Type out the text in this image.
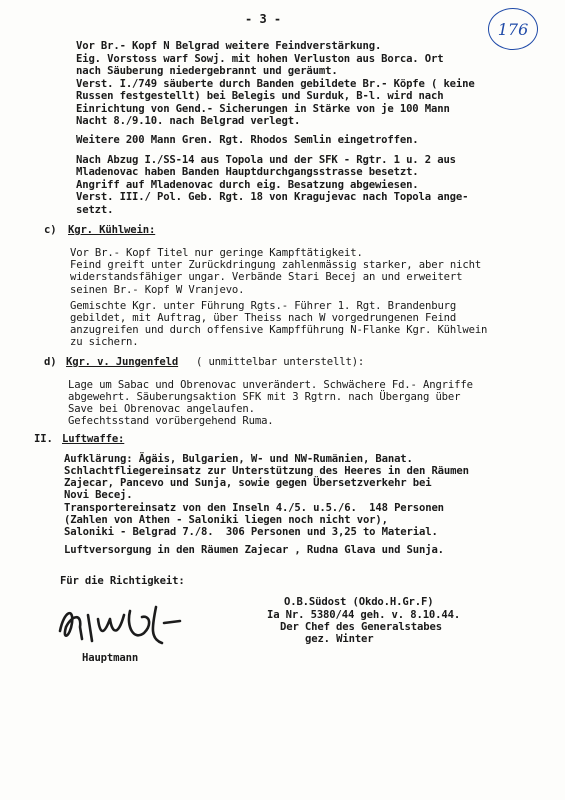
- 3 -
176
Vor Br.- Kopf N Belgrad weitere Feindverstärkung.
Eig. Vorstoss warf Sowj. mit hohen Verluston aus Borca. Ort
nach Säuberung niedergebrannt und geräumt.
Verst. I./749 säuberte durch Banden gebildete Br.- Köpfe ( keine
Russen festgestellt) bei Belegis und Surduk, B-l. wird nach
Einrichtung von Gend.- Sicherungen in Stärke von je 100 Mann
Nacht 8./9.10. nach Belgrad verlegt.
Weitere 200 Mann Gren. Rgt. Rhodos Semlin eingetroffen.
Nach Abzug I./SS-14 aus Topola und der SFK - Rgtr. 1 u. 2 aus
Mladenovac haben Banden Hauptdurchgangsstrasse besetzt.
Angriff auf Mladenovac durch eig. Besatzung abgewiesen.
Verst. III./ Pol. Geb. Rgt. 18 von Kragujevac nach Topola ange-
setzt.
c) Kgr. Kühlwein:
Vor Br.- Kopf Titel nur geringe Kampftätigkeit.
Feind greift unter Zurückdringung zahlenmässig starker, aber nicht
widerstandsfähiger ungar. Verbände Stari Becej an und erweitert
seinen Br.- Kopf W Vranjevo.
Gemischte Kgr. unter Führung Rgts.- Führer 1. Rgt. Brandenburg
gebildet, mit Auftrag, über Theiss nach W vorgedrungenen Feind
anzugreifen und durch offensive Kampfführung N-Flanke Kgr. Kühlwein
zu sichern.
d) Kgr. v. Jungenfeld ( unmittelbar unterstellt):
Lage um Sabac und Obrenovac unverändert. Schwächere Fd.- Angriffe
abgewehrt. Säuberungsaktion SFK mit 3 Rgtrn. nach Übergang über
Save bei Obrenovac angelaufen.
Gefechtsstand vorübergehend Ruma.
II. Luftwaffe:
Aufklärung: Ägäis, Bulgarien, W- und NW-Rumänien, Banat.
Schlachtfliegereinsatz zur Unterstützung des Heeres in den Räumen
Zajecar, Pancevo und Sunja, sowie gegen Übersetzverkehr bei
Novi Becej.
Transportereinsatz von den Inseln 4./5. u.5./6.  148 Personen
(Zahlen von Athen - Saloniki liegen noch nicht vor),
Saloniki - Belgrad 7./8.  306 Personen und 3,25 to Material.
Luftversorgung in den Räumen Zajecar , Rudna Glava und Sunja.
Für die Richtigkeit:
O.B.Südost (Okdo.H.Gr.F)
Ia Nr. 5380/44 geh. v. 8.10.44.
Der Chef des Generalstabes
gez. Winter
Hauptmann
